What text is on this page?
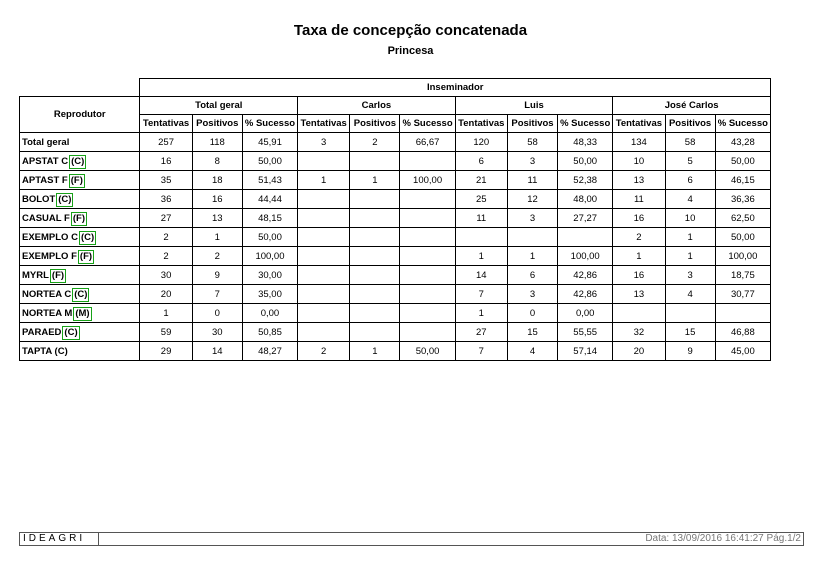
Taxa de concepção concatenada
Princesa
	Inseminador											
Reprodutor	Total geral			Carlos			Luis			José Carlos		
	Tentativas	Positivos	% Sucesso	Tentativas	Positivos	% Sucesso	Tentativas	Positivos	% Sucesso	Tentativas	Positivos	% Sucesso
Total geral	257	118	45,91	3	2	66,67	120	58	48,33	134	58	43,28
APSTAT C (C)	16	8	50,00				6	3	50,00	10	5	50,00
APTAST F (F)	35	18	51,43	1	1	100,00	21	11	52,38	13	6	46,15
BOLOT (C)	36	16	44,44				25	12	48,00	11	4	36,36
CASUAL F (F)	27	13	48,15				11	3	27,27	16	10	62,50
EXEMPLO C (C)	2	1	50,00							2	1	50,00
EXEMPLO F (F)	2	2	100,00				1	1	100,00	1	1	100,00
MYRL (F)	30	9	30,00				14	6	42,86	16	3	18,75
NORTEA C (C)	20	7	35,00				7	3	42,86	13	4	30,77
NORTEA M (M)	1	0	0,00				1	0	0,00			
PARAED (C)	59	30	50,85				27	15	55,55	32	15	46,88
TAPTA (C)	29	14	48,27	2	1	50,00	7	4	57,14	20	9	45,00
IDEAGRI	Data: 13/09/2016 16:41:27 Pág.1/2
